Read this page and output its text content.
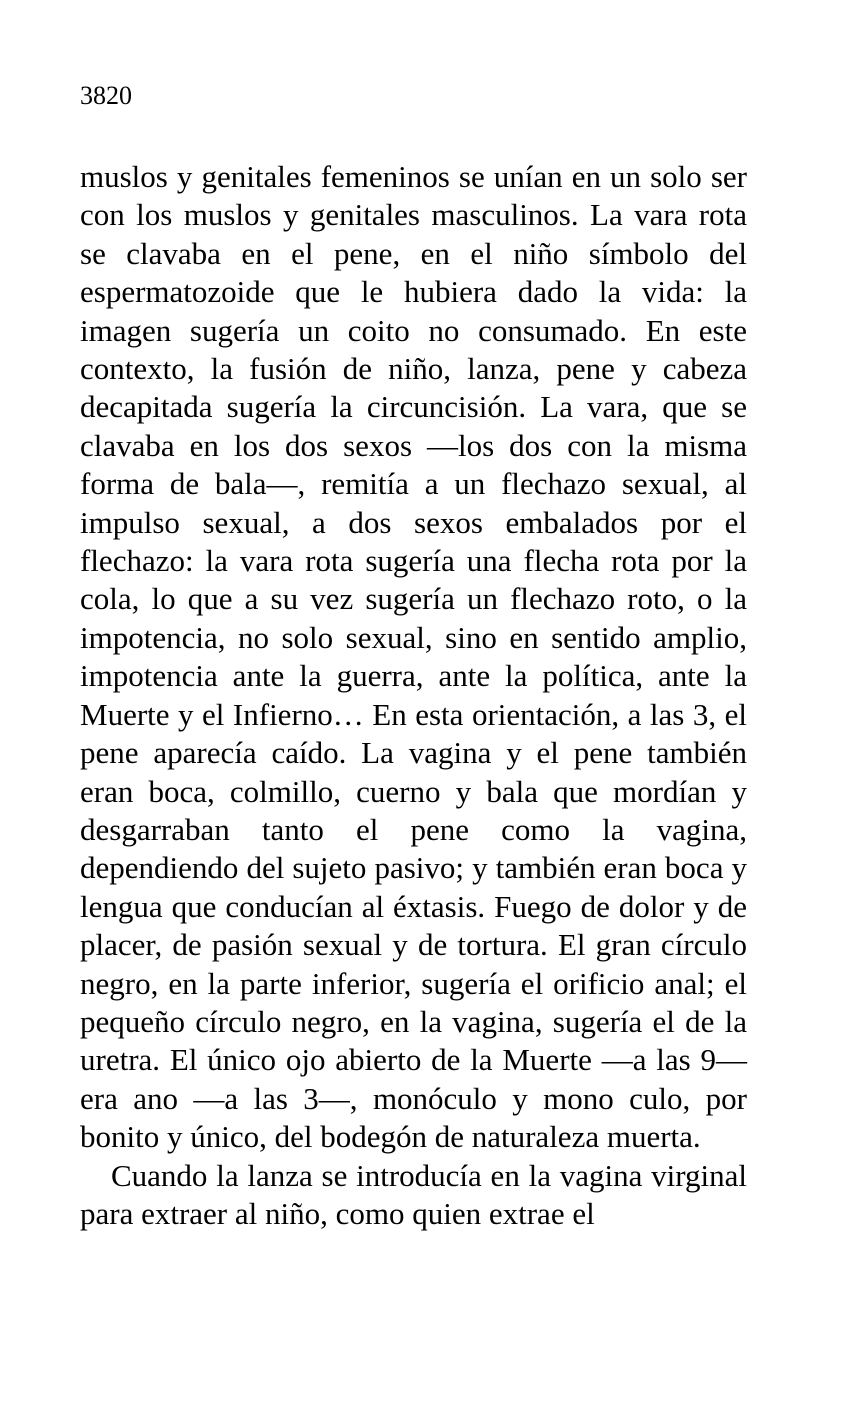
3820

muslos y genitales femeninos se unían en un solo ser con los muslos y genitales masculinos. La vara rota se clavaba en el pene, en el niño símbolo del espermatozoide que le hubiera dado la vida: la imagen sugería un coito no consumado. En este contexto, la fusión de niño, lanza, pene y cabeza decapitada sugería la circuncisión. La vara, que se clavaba en los dos sexos —los dos con la misma forma de bala—, remitía a un flechazo sexual, al impulso sexual, a dos sexos embalados por el flechazo: la vara rota sugería una flecha rota por la cola, lo que a su vez sugería un flechazo roto, o la impotencia, no solo sexual, sino en sentido amplio, impotencia ante la guerra, ante la política, ante la Muerte y el Infierno… En esta orientación, a las 3, el pene aparecía caído. La vagina y el pene también eran boca, colmillo, cuerno y bala que mordían y desgarraban tanto el pene como la vagina, dependiendo del sujeto pasivo; y también eran boca y lengua que conducían al éxtasis. Fuego de dolor y de placer, de pasión sexual y de tortura. El gran círculo negro, en la parte inferior, sugería el orificio anal; el pequeño círculo negro, en la vagina, sugería el de la uretra. El único ojo abierto de la Muerte —a las 9— era ano —a las 3—, monóculo y mono culo, por bonito y único, del bodegón de naturaleza muerta.

Cuando la lanza se introducía en la vagina virginal para extraer al niño, como quien extrae el
